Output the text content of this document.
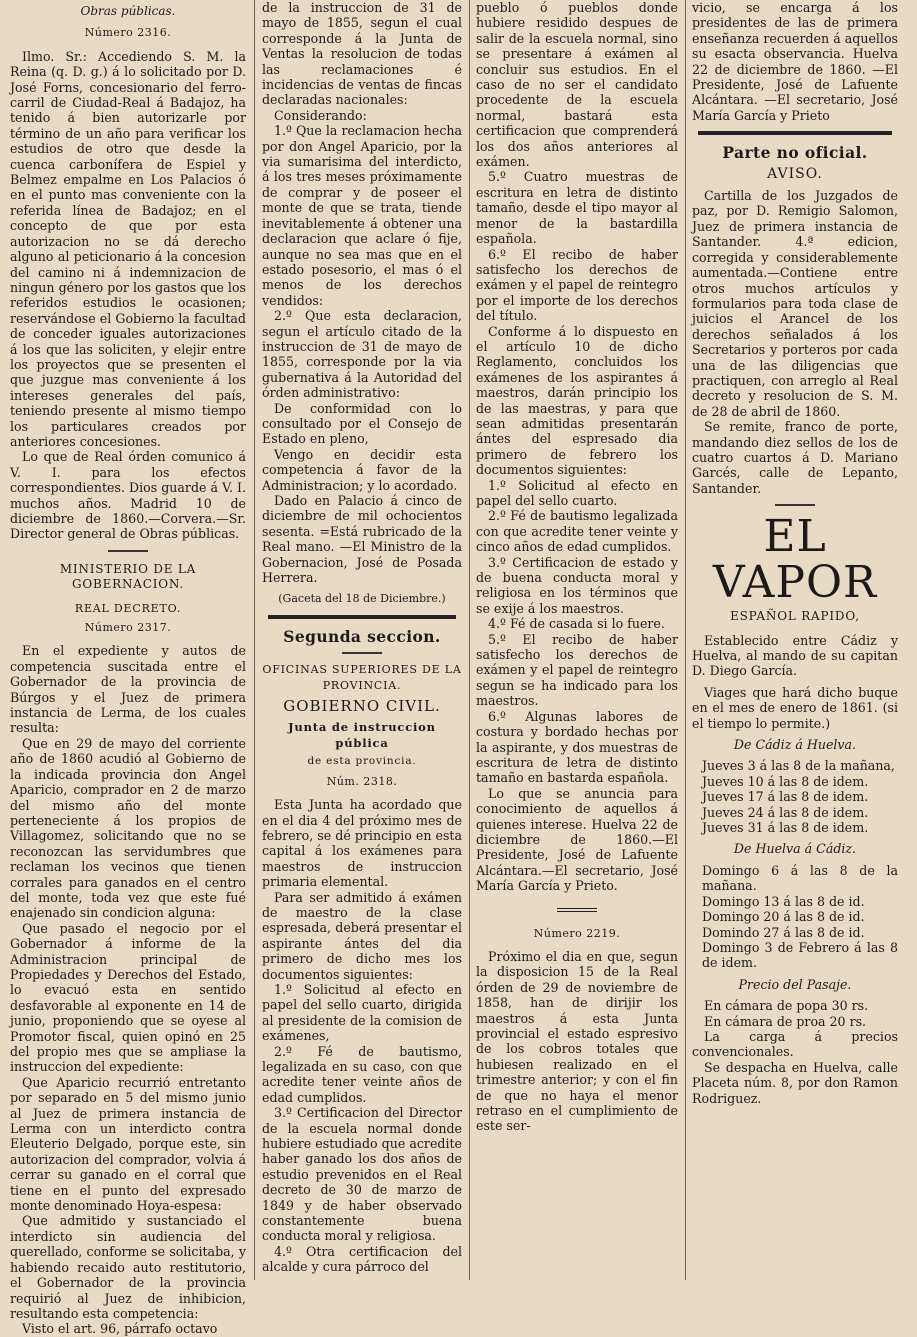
Obras públicas.
Número 2316.

Ilmo. Sr.: Accediendo S. M. la Reina (q. D. g.) á lo solicitado por D. José Forns, concesionario del ferro-carril de Ciudad-Real á Badajoz, ha tenido á bien autorizarle por término de un año para verificar los estudios de otro que desde la cuenca carbonífera de Espiel y Belmez empalme en Los Palacios ó en el punto mas conveniente con la referida línea de Badajoz; en el concepto de que por esta autorizacion no se dá derecho alguno al peticionario á la concesion del camino ni á indemnizacion de ningun género por los gastos que los referidos estudios le ocasionen; reservándose el Gobierno la facultad de conceder iguales autorizaciones á los que las soliciten, y elejir entre los proyectos que se presenten el que juzgue mas conveniente á los intereses generales del país, teniendo presente al mismo tiempo los particulares creados por anteriores concesiones.

Lo que de Real órden comunico á V. I. para los efectos correspondientes. Dios guarde á V. I. muchos años. Madrid 10 de diciembre de 1860.—Corvera.—Sr. Director general de Obras públicas.

MINISTERIO DE LA GOBERNACION.
REAL DECRETO.
Número 2317.

En el expediente y autos de competencia suscitada entre el Gobernador de la provincia de Búrgos y el Juez de primera instancia de Lerma, de los cuales resulta:

Que en 29 de mayo del corriente año de 1860 acudió al Gobierno de la indicada provincia don Angel Aparicio, comprador en 2 de marzo del mismo año del monte perteneciente á los propios de Villagomez, solicitando que no se reconozcan las servidumbres que reclaman los vecinos que tienen corrales para ganados en el centro del monte, toda vez que este fué enajenado sin condicion alguna:

Que pasado el negocio por el Gobernador á informe de la Administracion principal de Propiedades y Derechos del Estado, lo evacuó esta en sentido desfavorable al exponente en 14 de junio, proponiendo que se oyese al Promotor fiscal, quien opinó en 25 del propio mes que se ampliase la instruccion del expediente:

Que Aparicio recurrió entretanto por separado en 5 del mismo junio al Juez de primera instancia de Lerma con un interdicto contra Eleuterio Delgado, porque este, sin autorizacion del comprador, volvia á cerrar su ganado en el corral que tiene en el punto del expresado monte denominado Hoya-espesa:

Que admitido y sustanciado el interdicto sin audiencia del querellado, conforme se solicitaba, y habiendo recaido auto restitutorio, el Gobernador de la provincia requirió al Juez de inhibicion, resultando esta competencia:

Visto el art. 96, párrafo octavo

de la instruccion de 31 de mayo de 1855, segun el cual corresponde á la Junta de Ventas la resolucion de todas las reclamaciones é incidencias de ventas de fincas declaradas nacionales:

Considerando:

1.º Que la reclamacion hecha por don Angel Aparicio, por la via sumarisima del interdicto, á los tres meses próximamente de comprar y de poseer el monte de que se trata, tiende inevitablemente á obtener una declaracion que aclare ó fije, aunque no sea mas que en el estado posesorio, el mas ó el menos de los derechos vendidos:

2.º Que esta declaracion, segun el artículo citado de la instruccion de 31 de mayo de 1855, corresponde por la via gubernativa á la Autoridad del órden administrativo:

De conformidad con lo consultado por el Consejo de Estado en pleno,

Vengo en decidir esta competencia á favor de la Administracion; y lo acordado.

Dado en Palacio á cinco de diciembre de mil ochocientos sesenta. =Está rubricado de la Real mano. —El Ministro de la Gobernacion, José de Posada Herrera.

(Gaceta del 18 de Diciembre.)
Segunda seccion.
OFICINAS SUPERIORES DE LA PROVINCIA.
GOBIERNO CIVIL.
Junta de instruccion pública
de esta provincia.
Núm. 2318.

Esta Junta ha acordado que en el dia 4 del próximo mes de febrero, se dé principio en esta capital á los exámenes para maestros de instruccion primaria elemental.

Para ser admitido á exámen de maestro de la clase espresada, deberá presentar el aspirante ántes del dia primero de dicho mes los documentos siguientes:

1.º Solicitud al efecto en papel del sello cuarto, dirigida al presidente de la comision de exámenes,

2.º Fé de bautismo, legalizada en su caso, con que acredite tener veinte años de edad cumplidos.

3.º Certificacion del Director de la escuela normal donde hubiere estudiado que acredite haber ganado los dos años de estudio prevenidos en el Real decreto de 30 de marzo de 1849 y de haber observado constantemente buena conducta moral y religiosa.

4.º Otra certificacion del alcalde y cura párroco del

pueblo ó pueblos donde hubiere residido despues de salir de la escuela normal, sino se presentare á exámen al concluir sus estudios. En el caso de no ser el candidato procedente de la escuela normal, bastará esta certificacion que comprenderá los dos años anteriores al exámen.

5.º Cuatro muestras de escritura en letra de distinto tamaño, desde el tipo mayor al menor de la bastardilla española.

6.º El recibo de haber satisfecho los derechos de exámen y el papel de reintegro por el importe de los derechos del título.

Conforme á lo dispuesto en el artículo 10 de dicho Reglamento, concluidos los exámenes de los aspirantes á maestros, darán principio los de las maestras, y para que sean admitidas presentarán ántes del espresado dia primero de febrero los documentos siguientes:

1.º Solicitud al efecto en papel del sello cuarto.

2.º Fé de bautismo legalizada con que acredite tener veinte y cinco años de edad cumplidos.

3.º Certificacion de estado y de buena conducta moral y religiosa en los términos que se exije á los maestros.

4.º Fé de casada si lo fuere.

5.º El recibo de haber satisfecho los derechos de exámen y el papel de reintegro segun se ha indicado para los maestros.

6.º Algunas labores de costura y bordado hechas por la aspirante, y dos muestras de escritura de letra de distinto tamaño en bastarda española.

Lo que se anuncia para conocimiento de aquellos á quienes interese. Huelva 22 de diciembre de 1860.—El Presidente, José de Lafuente Alcántara.—El secretario, José María García y Prieto.

Número 2219.

Próximo el dia en que, segun la disposicion 15 de la Real órden de 29 de noviembre de 1858, han de dirijir los maestros á esta Junta provincial el estado espresivo de los cobros totales que hubiesen realizado en el trimestre anterior; y con el fin de que no haya el menor retraso en el cumplimiento de este ser-

vicio, se encarga á los presidentes de las de primera enseñanza recuerden á aquellos su esacta observancia. Huelva 22 de diciembre de 1860. —El Presidente, José de Lafuente Alcántara. —El secretario, José María García y Prieto

Parte no oficial.
AVISO.

Cartilla de los Juzgados de paz, por D. Remigio Salomon, Juez de primera instancia de Santander. 4.ª edicion, corregida y considerablemente aumentada.—Contiene entre otros muchos artículos y formularios para toda clase de juicios el Arancel de los derechos señalados á los Secretarios y porteros por cada una de las diligencias que practiquen, con arreglo al Real decreto y resolucion de S. M. de 28 de abril de 1860.

Se remite, franco de porte, mandando diez sellos de los de cuatro cuartos á D. Mariano Garcés, calle de Lepanto, Santander.

EL VAPOR
ESPAÑOL RAPIDO,

Establecido entre Cádiz y Huelva, al mando de su capitan D. Diego García.

Viages que hará dicho buque en el mes de enero de 1861. (si el tiempo lo permite.)

De Cádiz á Huelva.

Jueves 3 á las 8 de la mañana,

Jueves 10 á las 8 de idem.

Jueves 17 á las 8 de idem.

Jueves 24 á las 8 de idem.

Jueves 31 á las 8 de idem.

De Huelva á Cádiz.

Domingo 6 á las 8 de la mañana.

Domingo 13 á las 8 de id.

Domingo 20 á las 8 de id.

Domindo 27 á las 8 de id.

Domingo 3 de Febrero á las 8 de idem.

Precio del Pasaje.

En cámara de popa 30 rs.

En cámara de proa 20 rs.

La carga á precios convencionales.

Se despacha en Huelva, calle Placeta núm. 8, por don Ramon Rodriguez.
